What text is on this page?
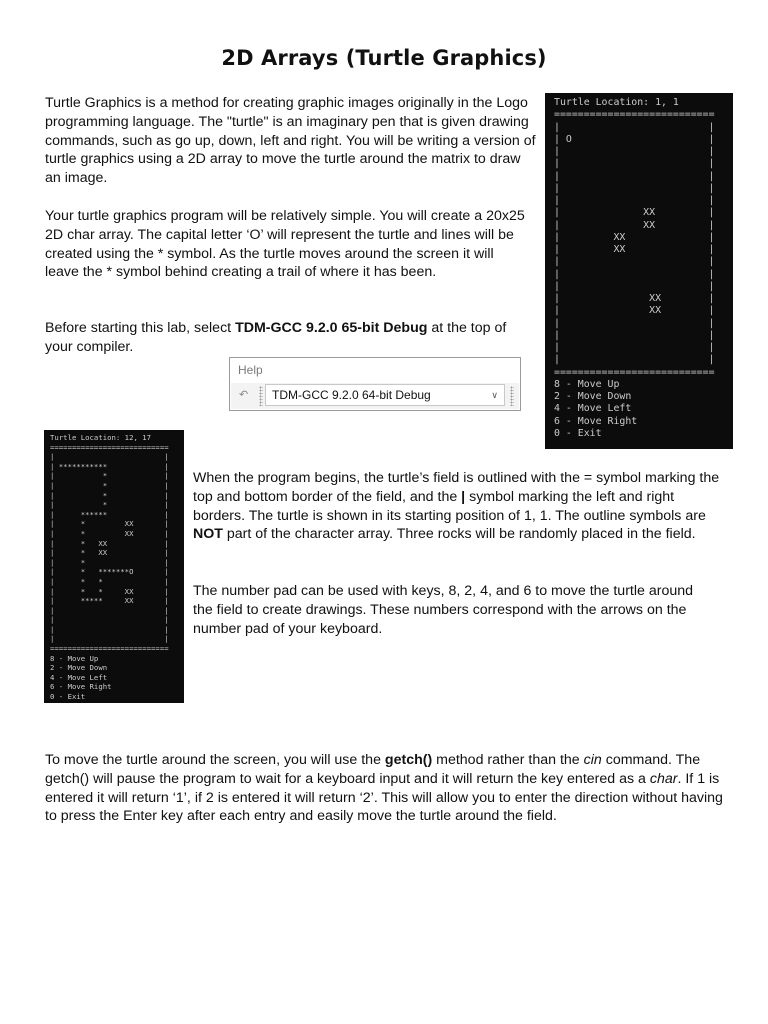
2D Arrays (Turtle Graphics)

Turtle Graphics is a method for creating graphic images originally in the Logo programming language. The "turtle" is an imaginary pen that is given drawing commands, such as go up, down, left and right. You will be writing a version of turtle graphics using a 2D array to move the turtle around the matrix to draw an image.

Your turtle graphics program will be relatively simple. You will create a 20x25 2D char array. The capital letter ‘O’ will represent the turtle and lines will be created using the * symbol. As the turtle moves around the screen it will leave the * symbol behind creating a trail of where it has been.

Before starting this lab, select TDM-GCC 9.2.0 65-bit Debug at the top of your compiler.

Help
↶	TDM-GCC 9.2.0 64-bit Debug	∨
Turtle Location: 1, 1
===========================
|                         |
| O                       |
|                         |
|                         |
|                         |
|                         |
|                         |
|              XX         |
|              XX         |
|         XX              |
|         XX              |
|                         |
|                         |
|                         |
|               XX        |
|               XX        |
|                         |
|                         |
|                         |
|                         |
===========================
8 - Move Up
2 - Move Down
4 - Move Left
6 - Move Right
0 - Exit
Turtle Location: 12, 17
===========================
|                         |
| ***********             |
|           *             |
|           *             |
|           *             |
|           *             |
|      ******             |
|      *         XX       |
|      *         XX       |
|      *   XX             |
|      *   XX             |
|      *                  |
|      *   *******O       |
|      *   *              |
|      *   *     XX       |
|      *****     XX       |
|                         |
|                         |
|                         |
|                         |
===========================
8 - Move Up
2 - Move Down
4 - Move Left
6 - Move Right
0 - Exit

When the program begins, the turtle’s field is outlined with the = symbol marking the top and bottom border of the field, and the | symbol marking the left and right borders. The turtle is shown in its starting position of 1, 1. The outline symbols are NOT part of the character array. Three rocks will be randomly placed in the field.

The number pad can be used with keys, 8, 2, 4, and 6 to move the turtle around the field to create drawings. These numbers correspond with the arrows on the number pad of your keyboard.

To move the turtle around the screen, you will use the getch() method rather than the cin command. The getch() will pause the program to wait for a keyboard input and it will return the key entered as a char. If 1 is entered it will return ‘1’, if 2 is entered it will return ‘2’. This will allow you to enter the direction without having to press the Enter key after each entry and easily move the turtle around the field.
